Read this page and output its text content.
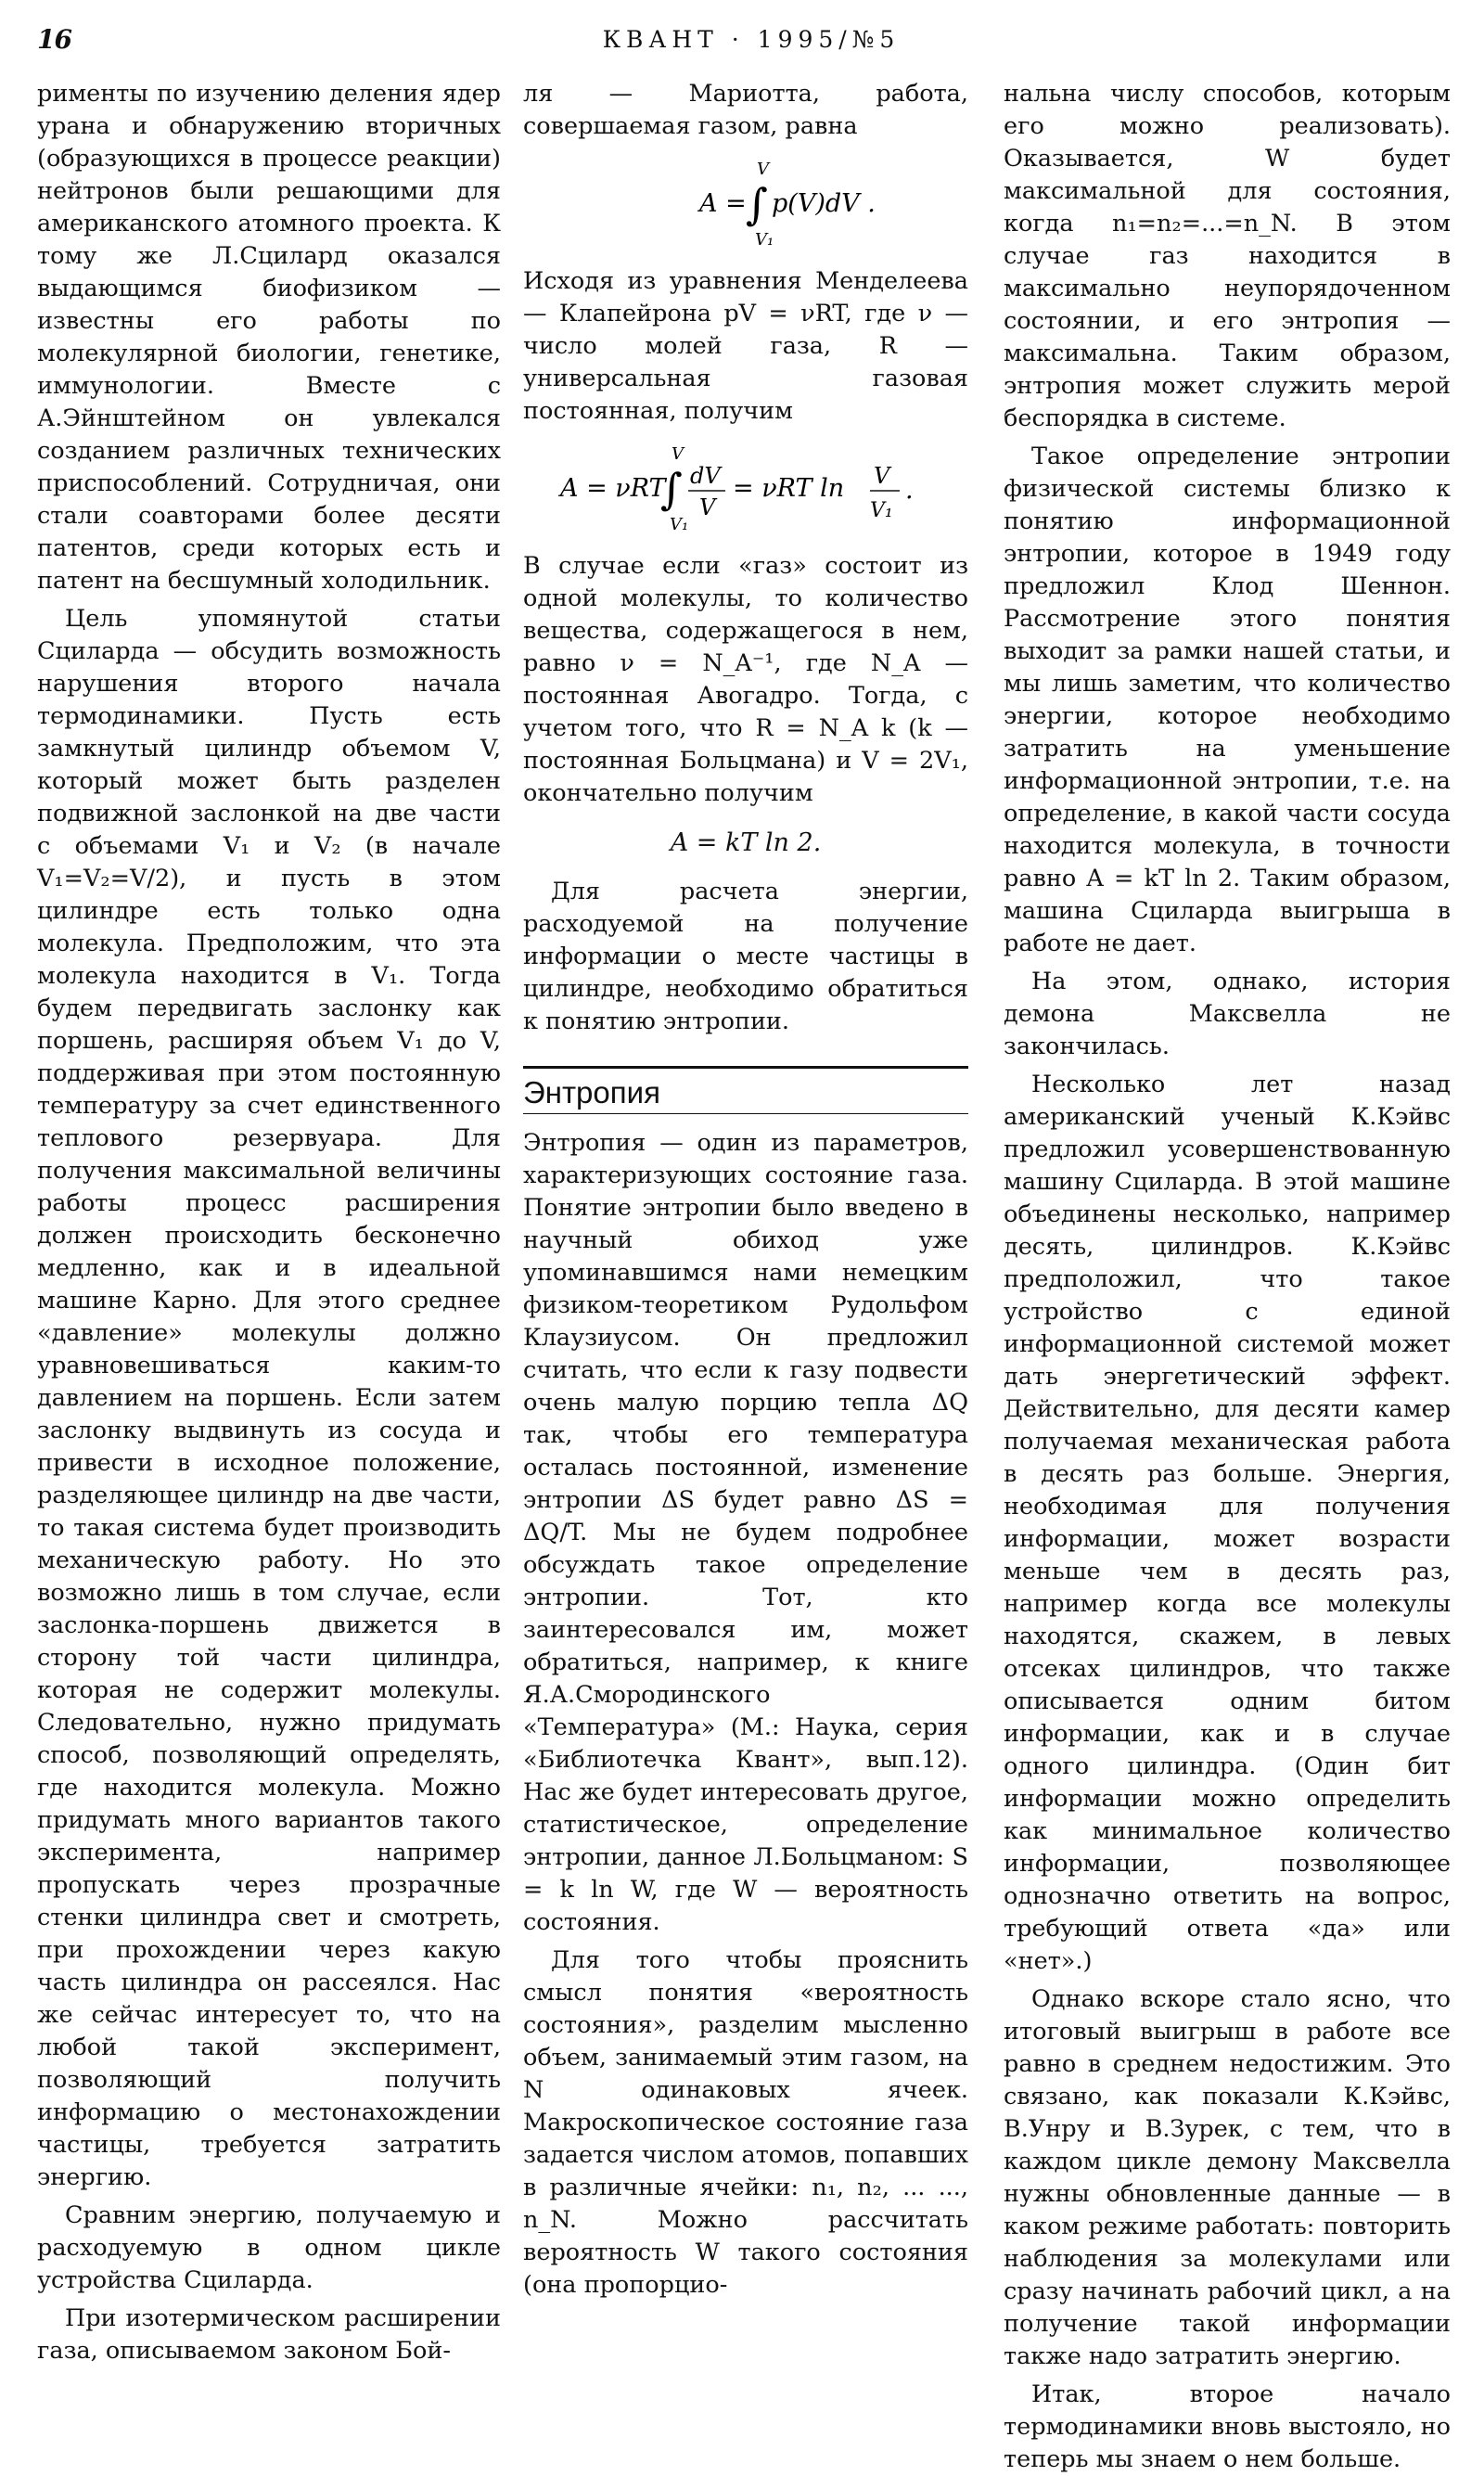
16	КВАНТ · 1995/№5

рименты по изучению деления ядер урана и обнаружению вторичных (образующихся в процессе реакции) нейтронов были решающими для американского атомного проекта. К тому же Л.Сцилард оказался выдающимся биофизиком — известны его работы по молекулярной биологии, генетике, иммунологии. Вместе с А.Эйнштейном он увлекался созданием различных технических приспособлений. Сотрудничая, они стали соавторами более десяти патентов, среди которых есть и патент на бесшумный холодильник.

Цель упомянутой статьи Сциларда — обсудить возможность нарушения второго начала термодинамики. Пусть есть замкнутый цилиндр объемом V, который может быть разделен подвижной заслонкой на две части с объемами V₁ и V₂ (в начале V₁=V₂=V/2), и пусть в этом цилиндре есть только одна молекула. Предположим, что эта молекула находится в V₁. Тогда будем передвигать заслонку как поршень, расширяя объем V₁ до V, поддерживая при этом постоянную температуру за счет единственного теплового резервуара. Для получения максимальной величины работы процесс расширения должен происходить бесконечно медленно, как и в идеальной машине Карно. Для этого среднее «давление» молекулы должно уравновешиваться каким-то давлением на поршень. Если затем заслонку выдвинуть из сосуда и привести в исходное положение, разделяющее цилиндр на две части, то такая система будет производить механическую работу. Но это возможно лишь в том случае, если заслонка-поршень движется в сторону той части цилиндра, которая не содержит молекулы. Следовательно, нужно придумать способ, позволяющий определять, где находится молекула. Можно придумать много вариантов такого эксперимента, например пропускать через прозрачные стенки цилиндра свет и смотреть, при прохождении через какую часть цилиндра он рассеялся. Нас же сейчас интересует то, что на любой такой эксперимент, позволяющий получить информацию о местонахождении частицы, требуется затратить энергию.

Сравним энергию, получаемую и расходуемую в одном цикле устройства Сциларда.

При изотермическом расширении газа, описываемом законом Бой-

ля — Мариотта, работа, совершаемая газом, равна

A = ∫
V
V₁
p(V)dV .

Исходя из уравнения Менделеева — Клапейрона pV = νRT, где ν — число молей газа, R — универсальная газовая постоянная, получим

A = νRT
∫
V
V₁
dV
V
= νRT ln V
V₁
.

В случае если «газ» состоит из одной молекулы, то количество вещества, содержащегося в нем, равно ν = N_A⁻¹, где N_A — постоянная Авогадро. Тогда, с учетом того, что R = N_A k (k — постоянная Больцмана) и V = 2V₁, окончательно получим

A = kT ln 2.

Для расчета энергии, расходуемой на получение информации о месте частицы в цилиндре, необходимо обратиться к понятию энтропии.

Энтропия

Энтропия — один из параметров, характеризующих состояние газа. Понятие энтропии было введено в научный обиход уже упоминавшимся нами немецким физиком-теоретиком Рудольфом Клаузиусом. Он предложил считать, что если к газу подвести очень малую порцию тепла ΔQ так, чтобы его температура осталась постоянной, изменение энтропии ΔS будет равно ΔS = ΔQ/T. Мы не будем подробнее обсуждать такое определение энтропии. Тот, кто заинтересовался им, может обратиться, например, к книге Я.А.Смородинского «Температура» (М.: Наука, серия «Библиотечка Квант», вып.12). Нас же будет интересовать другое, статистическое, определение энтропии, данное Л.Больцманом: S = k ln W, где W — вероятность состояния.

Для того чтобы прояснить смысл понятия «вероятность состояния», разделим мысленно объем, занимаемый этим газом, на N одинаковых ячеек. Макроскопическое состояние газа задается числом атомов, попавших в различные ячейки: n₁, n₂, ... ..., n_N. Можно рассчитать вероятность W такого состояния (она пропорцио-

нальна числу способов, которым его можно реализовать). Оказывается, W будет максимальной для состояния, когда n₁=n₂=...=n_N. В этом случае газ находится в максимально неупорядоченном состоянии, и его энтропия — максимальна. Таким образом, энтропия может служить мерой беспорядка в системе.

Такое определение энтропии физической системы близко к понятию информационной энтропии, которое в 1949 году предложил Клод Шеннон. Рассмотрение этого понятия выходит за рамки нашей статьи, и мы лишь заметим, что количество энергии, которое необходимо затратить на уменьшение информационной энтропии, т.е. на определение, в какой части сосуда находится молекула, в точности равно A = kT ln 2. Таким образом, машина Сциларда выигрыша в работе не дает.

На этом, однако, история демона Максвелла не закончилась.

Несколько лет назад американский ученый К.Кэйвс предложил усовершенствованную машину Сциларда. В этой машине объединены несколько, например десять, цилиндров. К.Кэйвс предположил, что такое устройство с единой информационной системой может дать энергетический эффект. Действительно, для десяти камер получаемая механическая работа в десять раз больше. Энергия, необходимая для получения информации, может возрасти меньше чем в десять раз, например когда все молекулы находятся, скажем, в левых отсеках цилиндров, что также описывается одним битом информации, как и в случае одного цилиндра. (Один бит информации можно определить как минимальное количество информации, позволяющее однозначно ответить на вопрос, требующий ответа «да» или «нет».)

Однако вскоре стало ясно, что итоговый выигрыш в работе все равно в среднем недостижим. Это связано, как показали К.Кэйвс, В.Унру и В.Зурек, с тем, что в каждом цикле демону Максвелла нужны обновленные данные — в каком режиме работать: повторить наблюдения за молекулами или сразу начинать рабочий цикл, а на получение такой информации также надо затратить энергию.

Итак, второе начало термодинамики вновь выстояло, но теперь мы знаем о нем больше.
